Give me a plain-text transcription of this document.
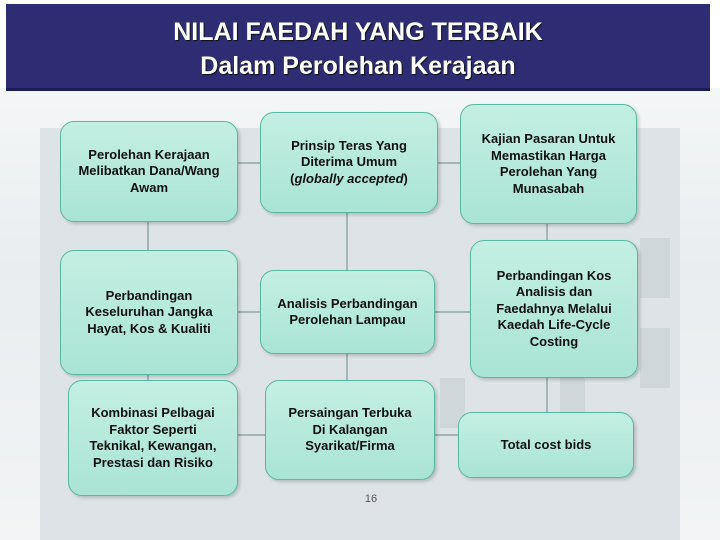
NILAI FAEDAH YANG TERBAIK
Dalam Perolehan Kerajaan
Perolehan Kerajaan
Melibatkan Dana/Wang
Awam
Prinsip Teras Yang
Diterima Umum
(globally accepted)
Kajian Pasaran Untuk
Memastikan Harga
Perolehan Yang
Munasabah
Perbandingan
Keseluruhan Jangka
Hayat, Kos & Kualiti
Analisis Perbandingan
Perolehan Lampau
Perbandingan Kos
Analisis dan
Faedahnya Melalui
Kaedah Life-Cycle
Costing
Kombinasi Pelbagai
Faktor Seperti
Teknikal, Kewangan,
Prestasi dan Risiko
Persaingan Terbuka
Di Kalangan
Syarikat/Firma	Total cost bids
16
